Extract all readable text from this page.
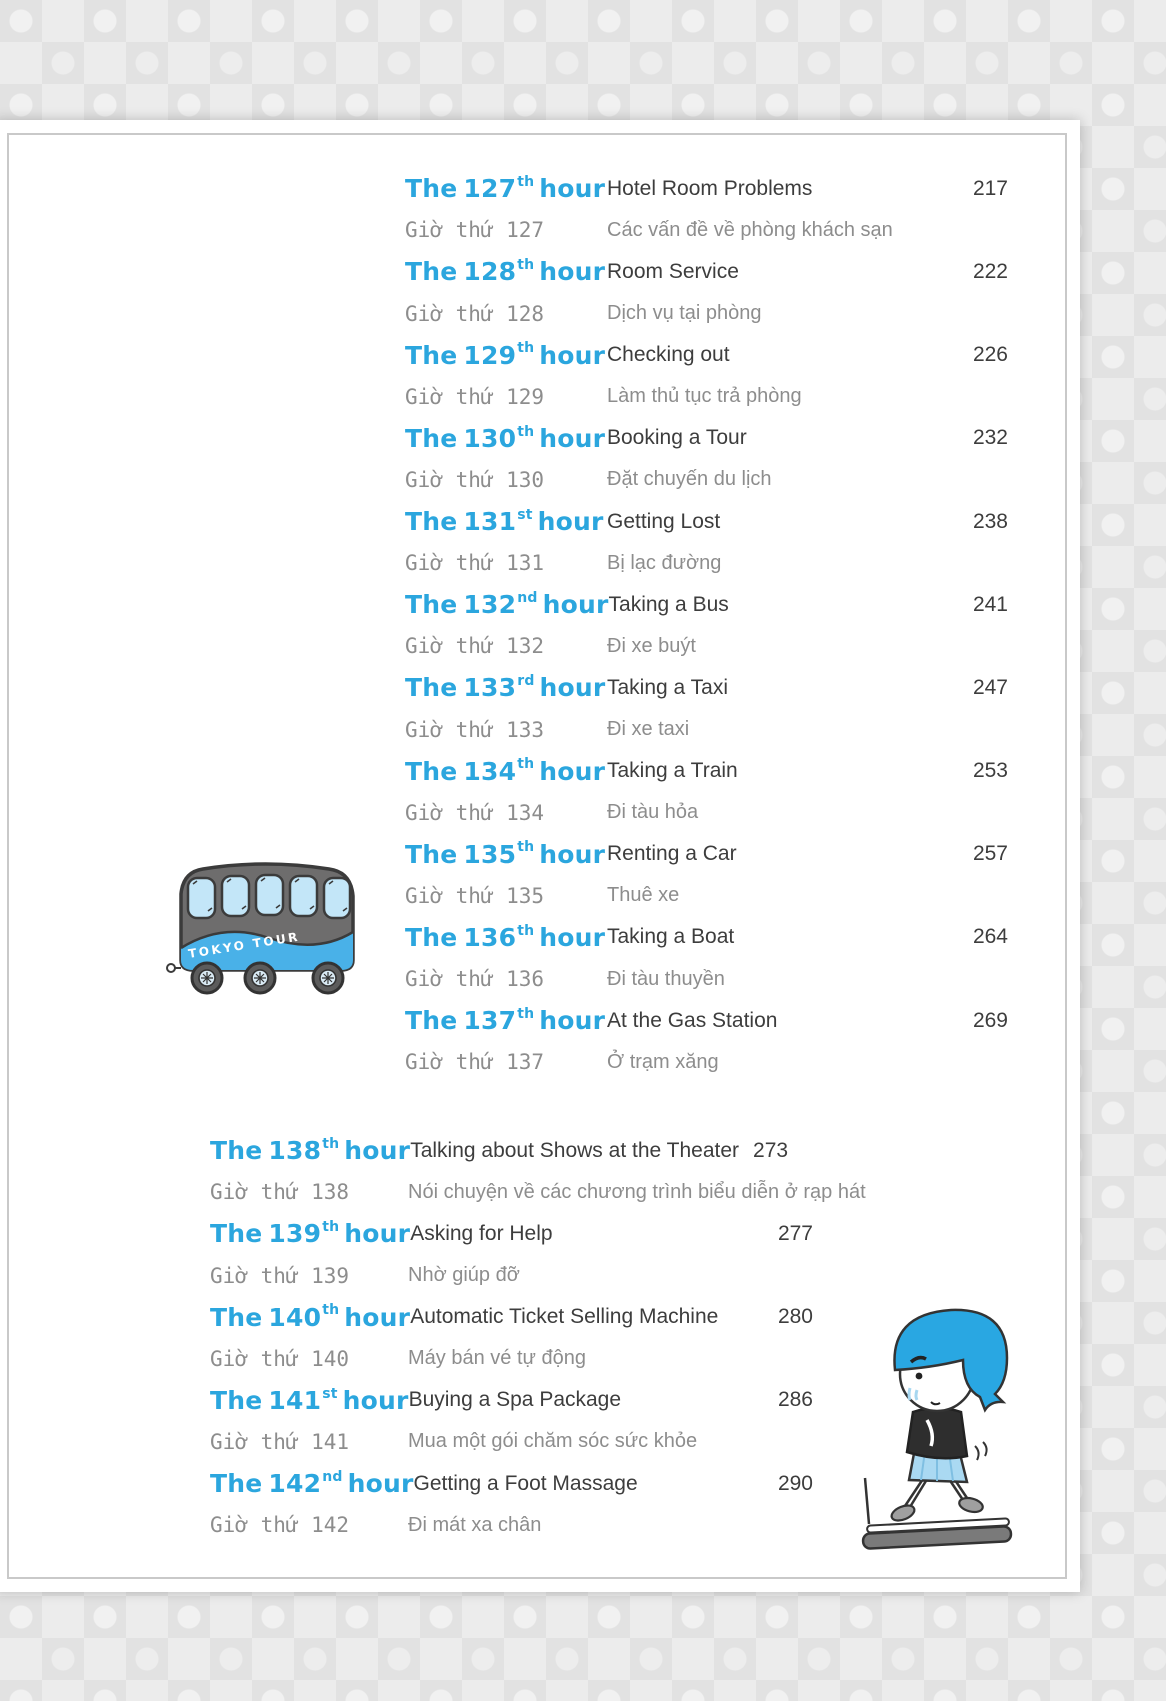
The 127th hour Hotel Room Problems	217
Giờ thứ 127	Các vấn đề về phòng khách sạn
The 128th hour Room Service	222
Giờ thứ 128	Dịch vụ tại phòng
The 129th hour Checking out	226
Giờ thứ 129	Làm thủ tục trả phòng
The 130th hour Booking a Tour	232
Giờ thứ 130	Đặt chuyến du lịch
The 131st hour Getting Lost	238
Giờ thứ 131	Bị lạc đường
The 132nd hour Taking a Bus	241
Giờ thứ 132	Đi xe buýt
The 133rd hour Taking a Taxi	247
Giờ thứ 133	Đi xe taxi
The 134th hour Taking a Train	253
Giờ thứ 134	Đi tàu hỏa
The 135th hour Renting a Car	257
Giờ thứ 135	Thuê xe
The 136th hour Taking a Boat	264
Giờ thứ 136	Đi tàu thuyền
The 137th hour At the Gas Station	269
Giờ thứ 137	Ở trạm xăng
The 138th hour Talking about Shows at the Theater 273
Giờ thứ 138	Nói chuyện về các chương trình biểu diễn ở rạp hát
The 139th hour Asking for Help	277
Giờ thứ 139	Nhờ giúp đỡ
The 140th hour Automatic Ticket Selling Machine	280
Giờ thứ 140	Máy bán vé tự động
The 141st hour Buying a Spa Package	286
Giờ thứ 141	Mua một gói chăm sóc sức khỏe
The 142nd hour Getting a Foot Massage	290
Giờ thứ 142	Đi mát xa chân
TOKYO TOUR
